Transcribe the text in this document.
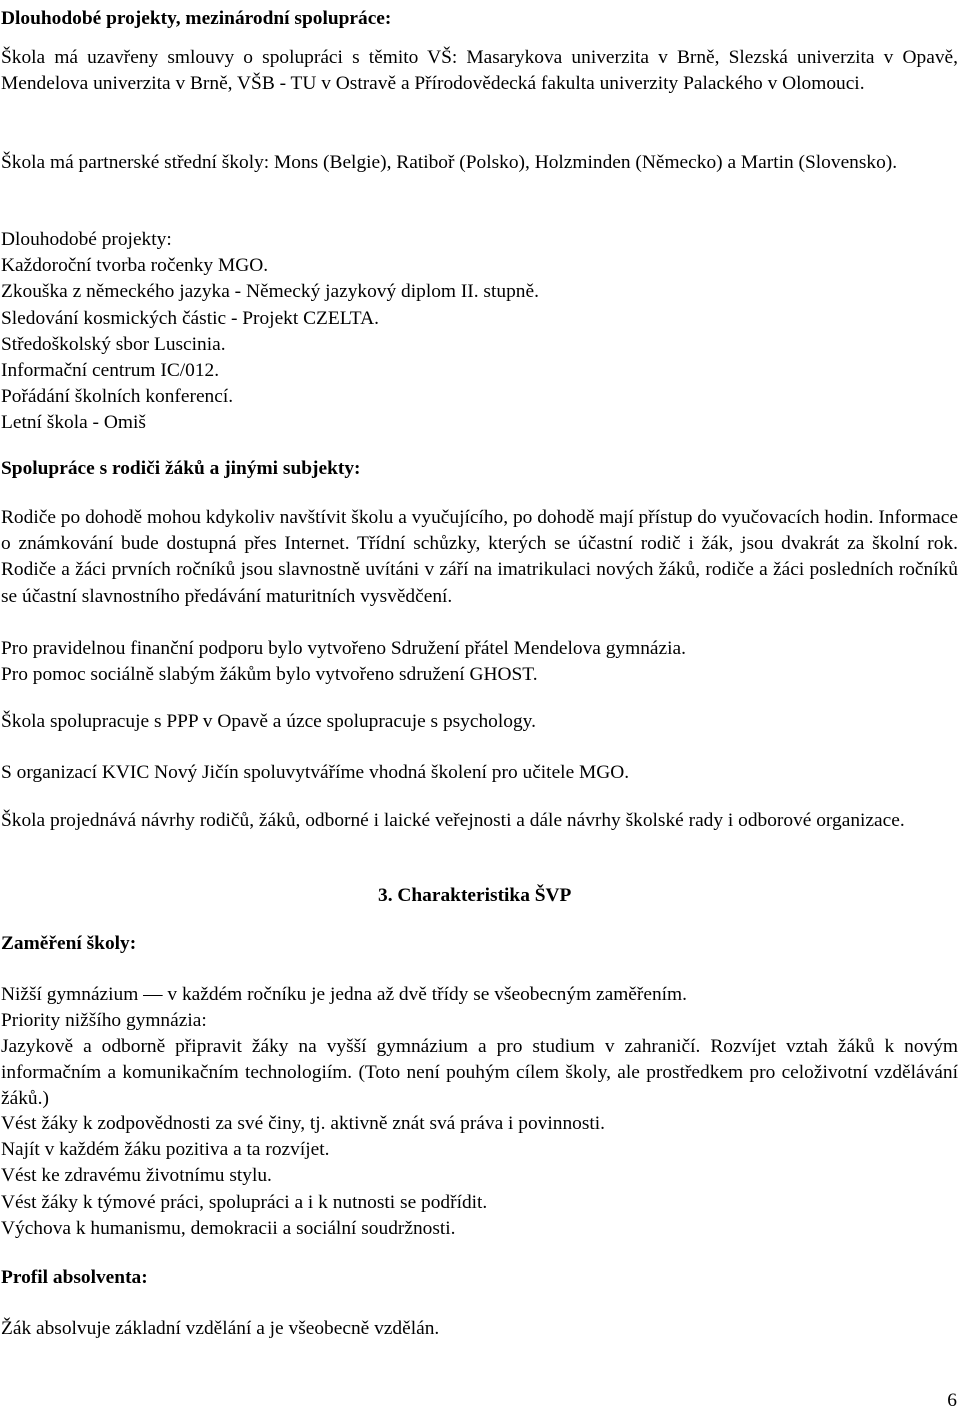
Dlouhodobé projekty, mezinárodní spolupráce:

Škola má uzavřeny smlouvy o spolupráci s těmito VŠ: Masarykova univerzita v Brně, Slezská univerzita v Opavě, Mendelova univerzita v Brně, VŠB - TU v Ostravě a Přírodovědecká fakulta univerzity Palackého v Olomouci.

Škola má partnerské střední školy: Mons (Belgie), Ratiboř (Polsko), Holzminden (Německo) a Martin (Slovensko).

Dlouhodobé projekty:
Každoroční tvorba ročenky MGO.
Zkouška z německého jazyka - Německý jazykový diplom II. stupně.
Sledování kosmických částic - Projekt CZELTA.
Středoškolský sbor Luscinia.
Informační centrum IC/012.
Pořádání školních konferencí.
Letní škola - Omiš

Spolupráce s rodiči žáků a jinými subjekty:

Rodiče po dohodě mohou kdykoliv navštívit školu a vyučujícího, po dohodě mají přístup do vyučovacích hodin. Informace o známkování bude dostupná přes Internet. Třídní schůzky, kterých se účastní rodič i žák, jsou dvakrát za školní rok. Rodiče a žáci prvních ročníků jsou slavnostně uvítáni v září na imatrikulaci nových žáků, rodiče a žáci posledních ročníků se účastní slavnostního předávání maturitních vysvědčení.

Pro pravidelnou finanční podporu bylo vytvořeno Sdružení přátel Mendelova gymnázia.
Pro pomoc sociálně slabým žákům bylo vytvořeno sdružení GHOST.

Škola spolupracuje s PPP v Opavě a úzce spolupracuje s psychology.

S organizací KVIC Nový Jičín spoluvytváříme vhodná školení pro učitele MGO.

Škola projednává návrhy rodičů, žáků, odborné i laické veřejnosti a dále návrhy školské rady i odborové organizace.

3. Charakteristika ŠVP

Zaměření školy:

Nižší gymnázium — v každém ročníku je jedna až dvě třídy se všeobecným zaměřením.
Priority nižšího gymnázia:

Jazykově a odborně připravit žáky na vyšší gymnázium a pro studium v zahraničí. Rozvíjet vztah žáků k novým informačním a komunikačním technologiím. (Toto není pouhým cílem školy, ale prostředkem pro celoživotní vzdělávání žáků.)

Vést žáky k zodpovědnosti za své činy, tj. aktivně znát svá práva i povinnosti.
Najít v každém žáku pozitiva a ta rozvíjet.
Vést ke zdravému životnímu stylu.
Vést žáky k týmové práci, spolupráci a i k nutnosti se podřídit.
Výchova k humanismu, demokracii a sociální soudržnosti.

Profil absolventa:

Žák absolvuje základní vzdělání a je všeobecně vzdělán.

6
